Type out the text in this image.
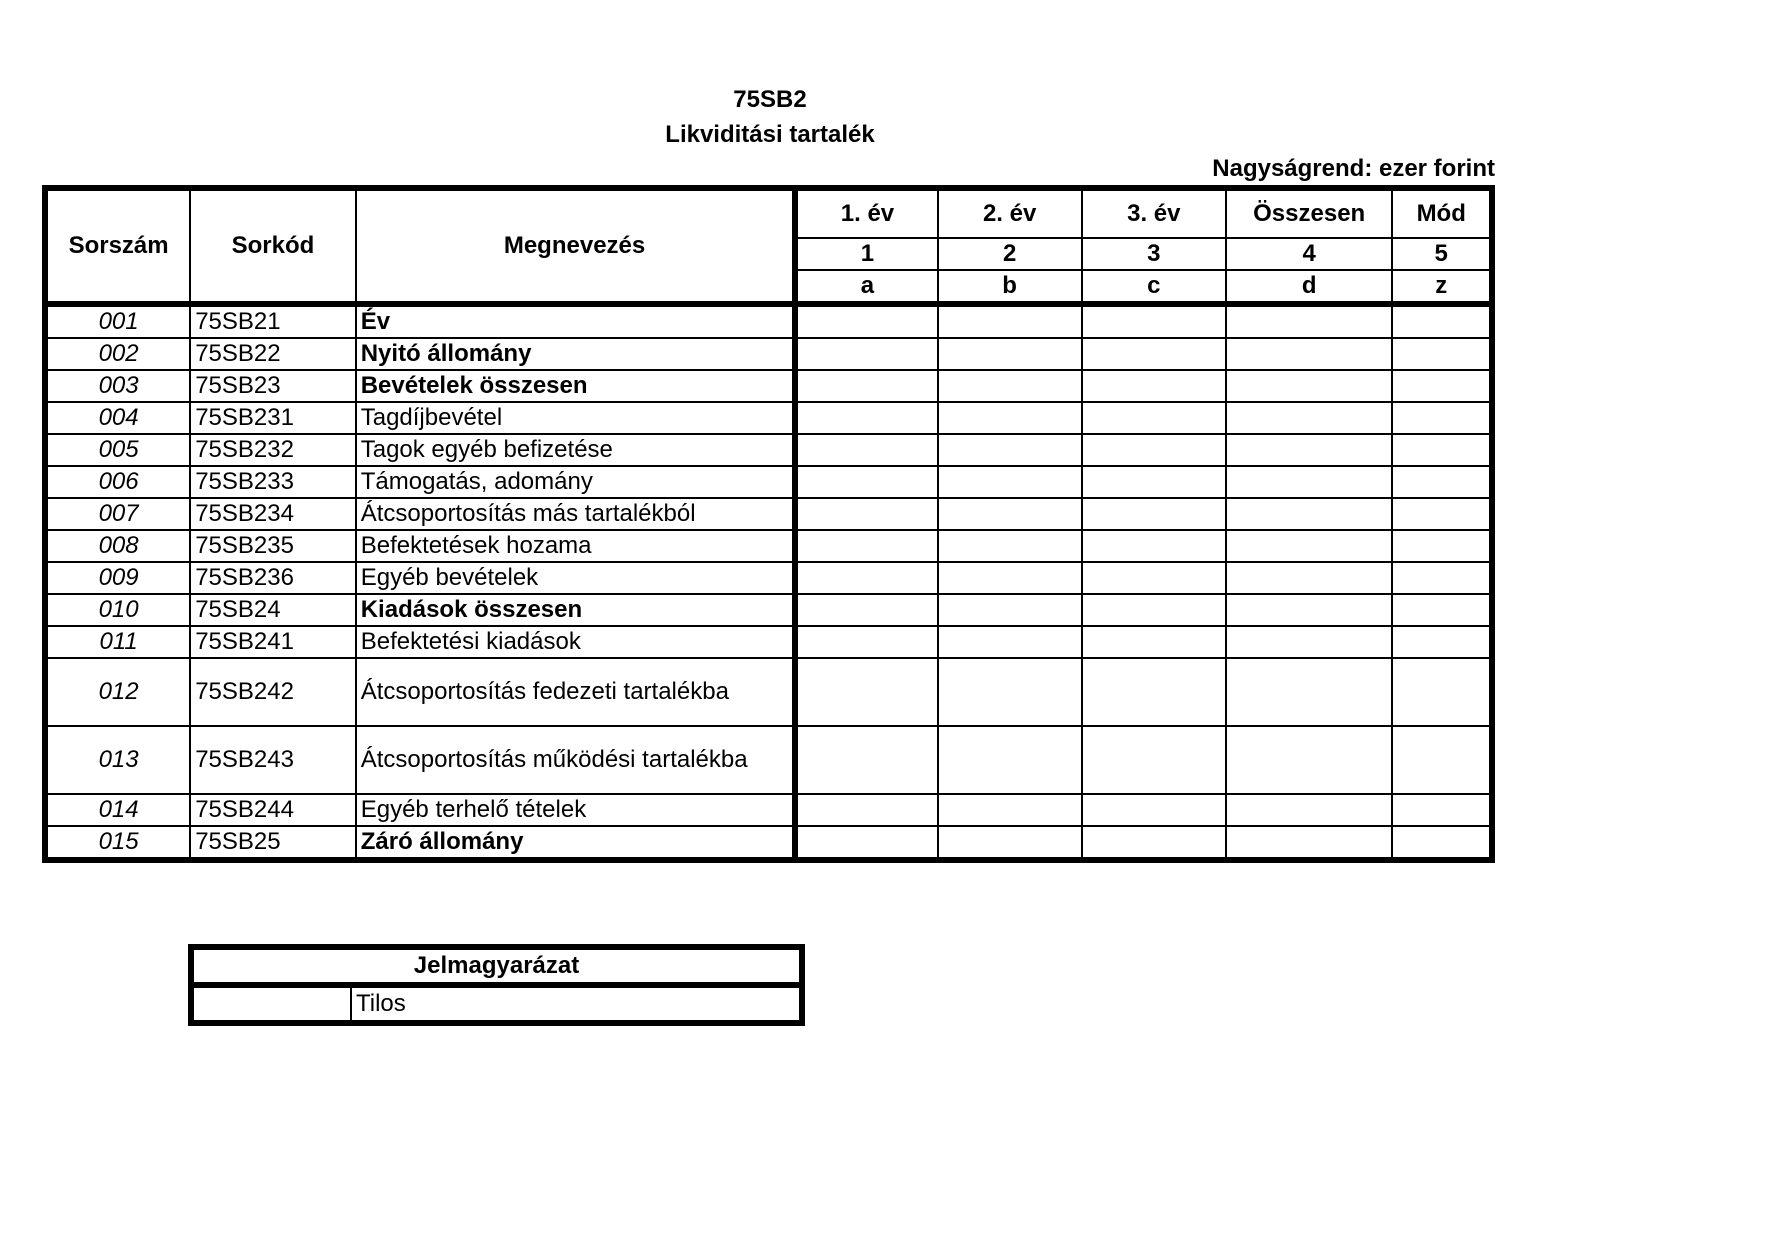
75SB2
Likviditási tartalék
Nagyságrend: ezer forint
Sorszám	Sorkód	Megnevezés	1. év	2. év	3. év	Összesen	Mód
			1	2	3	4	5
			a	b	c	d	z
001	75SB21	Év					
002	75SB22	Nyitó állomány					
003	75SB23	Bevételek összesen					
004	75SB231	Tagdíjbevétel					
005	75SB232	Tagok egyéb befizetése					
006	75SB233	Támogatás, adomány					
007	75SB234	Átcsoportosítás más tartalékból					
008	75SB235	Befektetések hozama					
009	75SB236	Egyéb bevételek					
010	75SB24	Kiadások összesen					
011	75SB241	Befektetési kiadások					
012	75SB242	Átcsoportosítás fedezeti tartalékba					
013	75SB243	Átcsoportosítás működési tartalékba					
014	75SB244	Egyéb terhelő tételek					
015	75SB25	Záró állomány					
Jelmagyarázat
	Tilos
